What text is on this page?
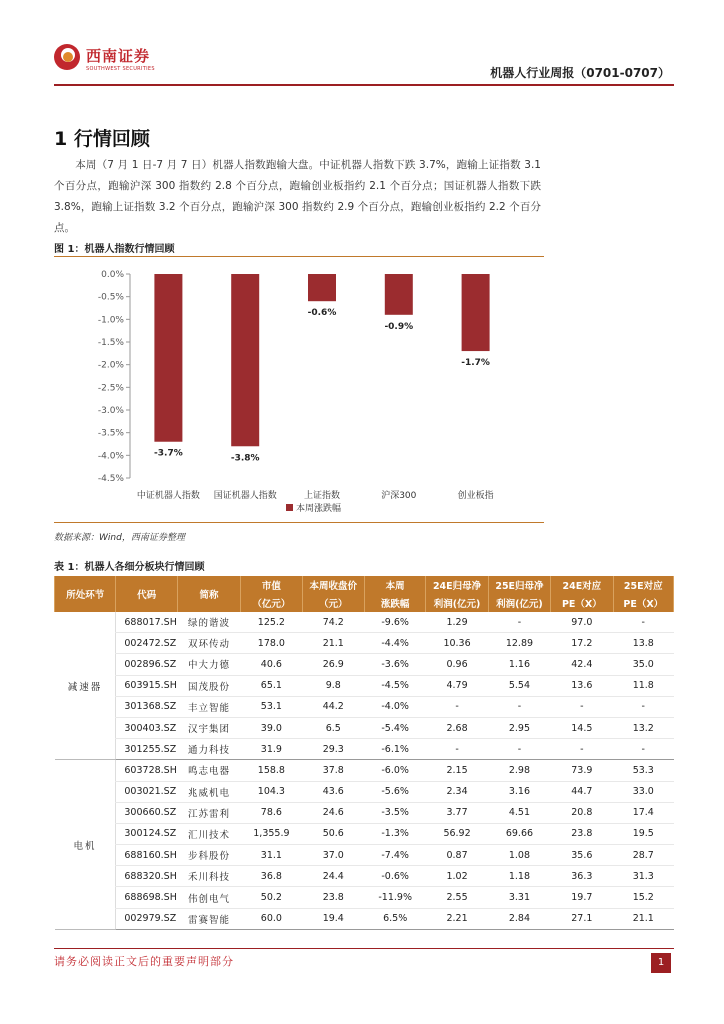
西南证券
SOUTHWEST SECURITIES	机器人行业周报（0701-0707）
1 行情回顾
本周（7 月 1 日-7 月 7 日）机器人指数跑输大盘。中证机器人指数下跌 3.7%，跑输上证指数 3.1 个百分点，跑输沪深 300 指数约 2.8 个百分点，跑输创业板指约 2.1 个百分点；国证机器人指数下跌 3.8%，跑输上证指数 3.2 个百分点，跑输沪深 300 指数约 2.9 个百分点，跑输创业板指约 2.2 个百分点。
图 1：机器人指数行情回顾
0.0%
-0.5%
-1.0%
-1.5%
-2.0%
-2.5%
-3.0%
-3.5%
-4.0%
-4.5%
-3.7%
中证机器人指数
-3.8%
国证机器人指数
-0.6%
上证指数
-0.9%
沪深300
-1.7%
创业板指
本周涨跌幅
数据来源：Wind，西南证券整理
表 1：机器人各细分板块行情回顾
所处环节	代码	简称	市值	本周收盘价	本周	24E归母净	25E归母净	24E对应	25E对应
			（亿元）	（元）	涨跌幅	利润(亿元)	利润(亿元)	PE（X）	PE（X）
减速器	688017.SH	绿的谐波	125.2	74.2	-9.6%	1.29	-	97.0	-
	002472.SZ	双环传动	178.0	21.1	-4.4%	10.36	12.89	17.2	13.8
	002896.SZ	中大力德	40.6	26.9	-3.6%	0.96	1.16	42.4	35.0
	603915.SH	国茂股份	65.1	9.8	-4.5%	4.79	5.54	13.6	11.8
	301368.SZ	丰立智能	53.1	44.2	-4.0%	-	-	-	-
	300403.SZ	汉宇集团	39.0	6.5	-5.4%	2.68	2.95	14.5	13.2
	301255.SZ	通力科技	31.9	29.3	-6.1%	-	-	-	-
电机	603728.SH	鸣志电器	158.8	37.8	-6.0%	2.15	2.98	73.9	53.3
	003021.SZ	兆威机电	104.3	43.6	-5.6%	2.34	3.16	44.7	33.0
	300660.SZ	江苏雷利	78.6	24.6	-3.5%	3.77	4.51	20.8	17.4
	300124.SZ	汇川技术	1,355.9	50.6	-1.3%	56.92	69.66	23.8	19.5
	688160.SH	步科股份	31.1	37.0	-7.4%	0.87	1.08	35.6	28.7
	688320.SH	禾川科技	36.8	24.4	-0.6%	1.02	1.18	36.3	31.3
	688698.SH	伟创电气	50.2	23.8	-11.9%	2.55	3.31	19.7	15.2
	002979.SZ	雷赛智能	60.0	19.4	6.5%	2.21	2.84	27.1	21.1
请务必阅读正文后的重要声明部分	1
